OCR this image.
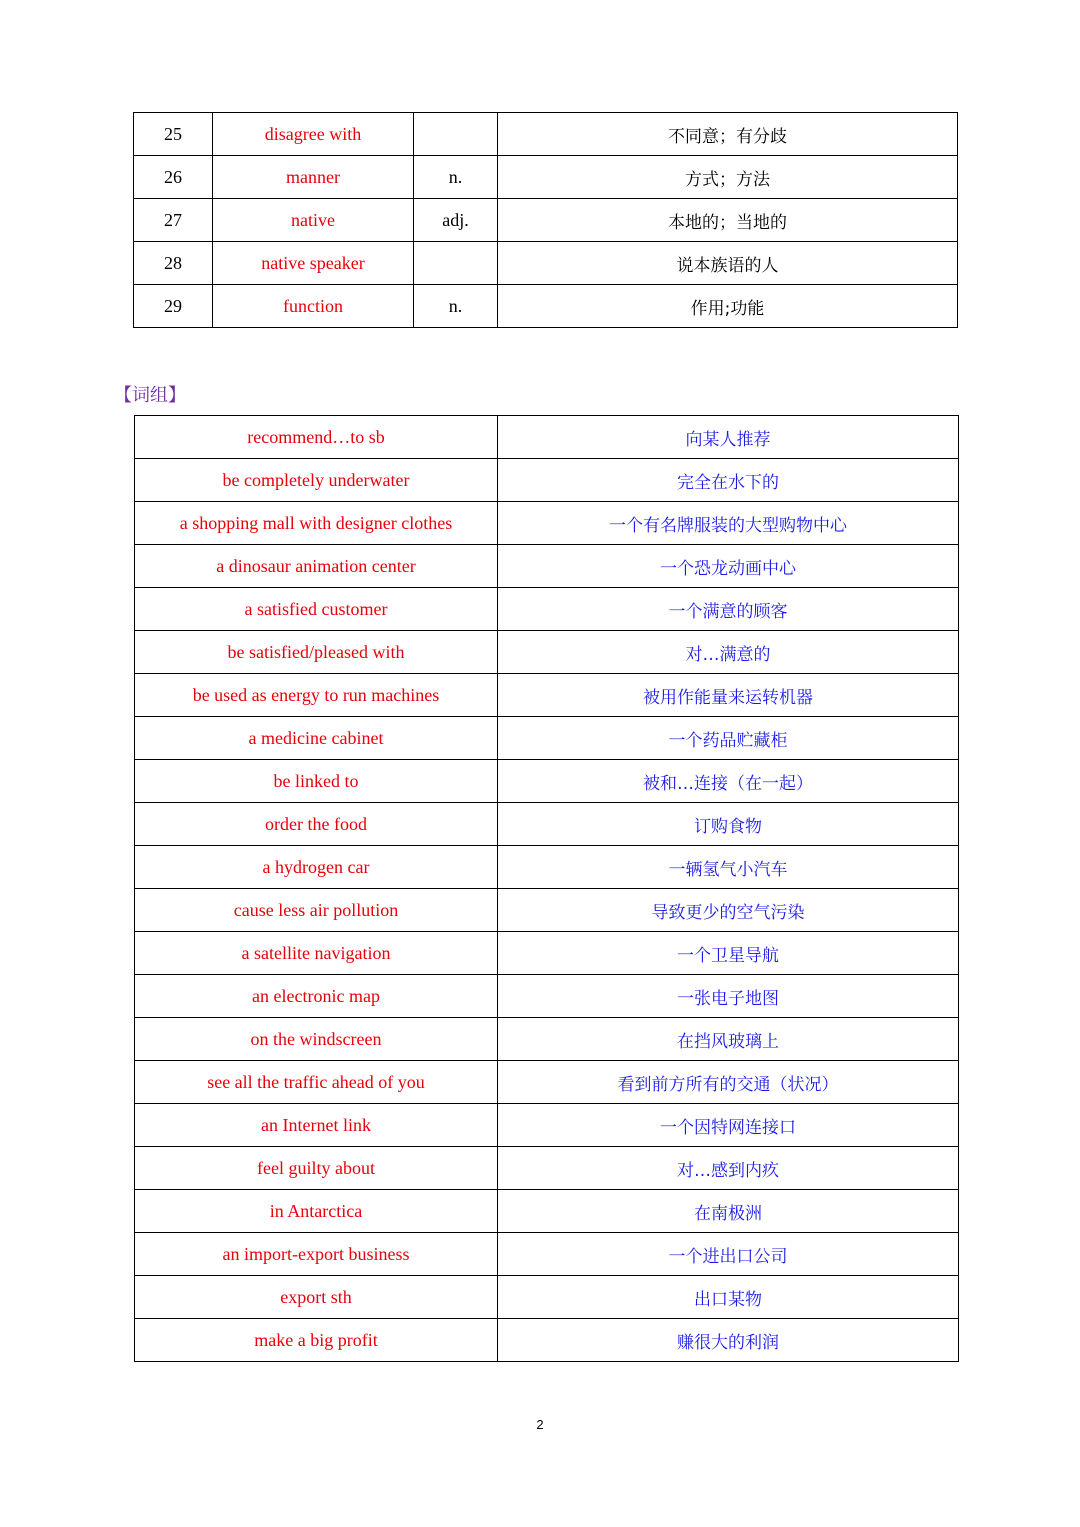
25	disagree with		不同意；有分歧
26	manner	n.	方式；方法
27	native	adj.	本地的；当地的
28	native speaker		说本族语的人
29	function	n.	作用;功能
【词组】
recommend…to sb	向某人推荐
be completely underwater	完全在水下的
a shopping mall with designer clothes	一个有名牌服装的大型购物中心
a dinosaur animation center	一个恐龙动画中心
a satisfied customer	一个满意的顾客
be satisfied/pleased with	对…满意的
be used as energy to run machines	被用作能量来运转机器
a medicine cabinet	一个药品贮藏柜
be linked to	被和…连接（在一起）
order the food	订购食物
a hydrogen car	一辆氢气小汽车
cause less air pollution	导致更少的空气污染
a satellite navigation	一个卫星导航
an electronic map	一张电子地图
on the windscreen	在挡风玻璃上
see all the traffic ahead of you	看到前方所有的交通（状况）
an Internet link	一个因特网连接口
feel guilty about	对…感到内疚
in Antarctica	在南极洲
an import-export business	一个进出口公司
export sth	出口某物
make a big profit	赚很大的利润
2
